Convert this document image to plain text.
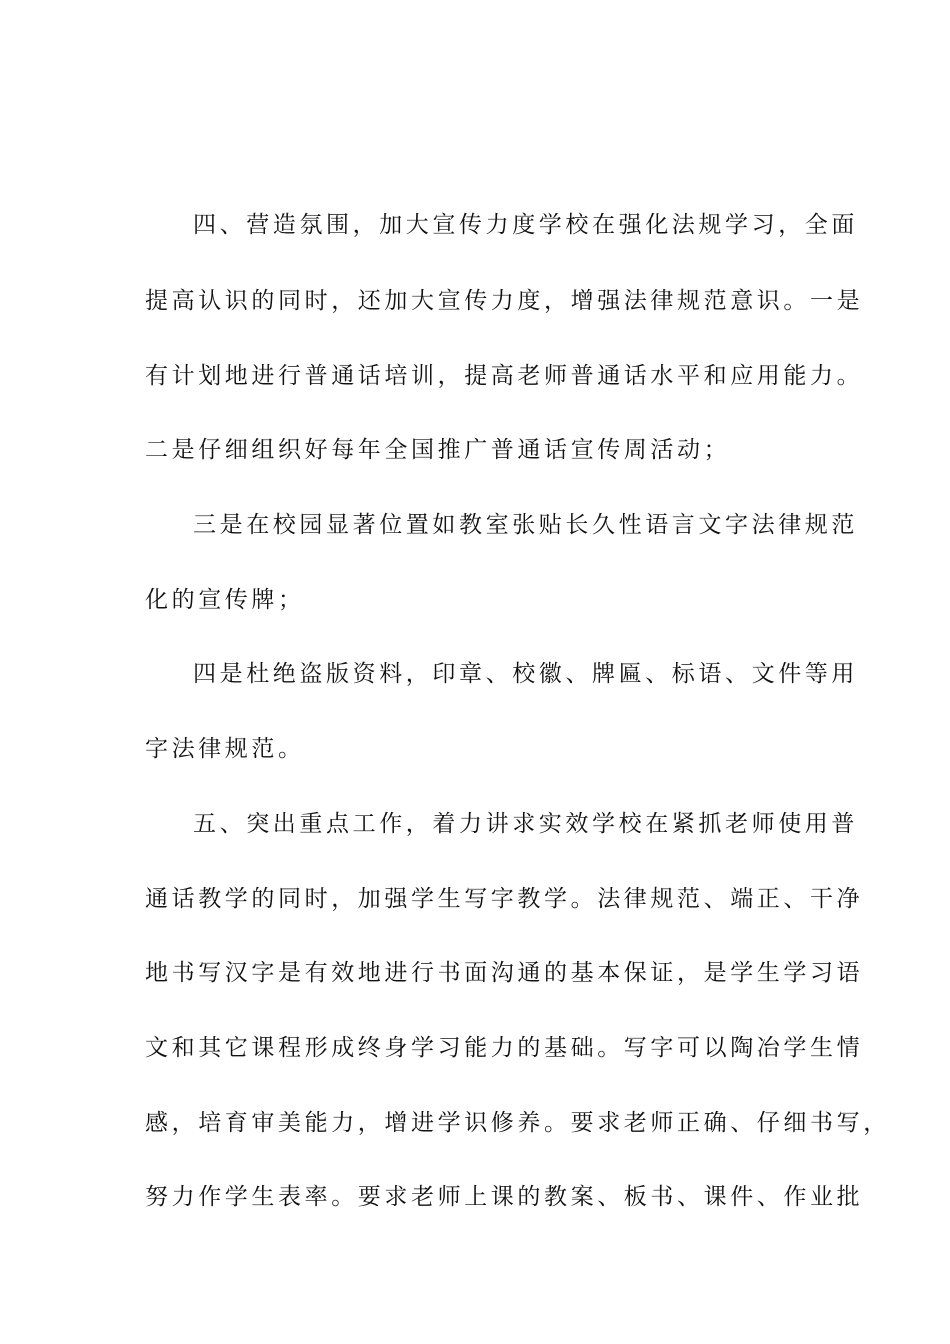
四、营造氛围，加大宣传力度学校在强化法规学习，全面
提高认识的同时，还加大宣传力度，增强法律规范意识。一是
有计划地进行普通话培训，提高老师普通话水平和应用能力。
二是仔细组织好每年全国推广普通话宣传周活动；
三是在校园显著位置如教室张贴长久性语言文字法律规范
化的宣传牌；
四是杜绝盗版资料，印章、校徽、牌匾、标语、文件等用
字法律规范。
五、突出重点工作，着力讲求实效学校在紧抓老师使用普
通话教学的同时，加强学生写字教学。法律规范、端正、干净
地书写汉字是有效地进行书面沟通的基本保证，是学生学习语
文和其它课程形成终身学习能力的基础。写字可以陶冶学生情
感，培育审美能力，增进学识修养。要求老师正确、仔细书写，
努力作学生表率。要求老师上课的教案、板书、课件、作业批
